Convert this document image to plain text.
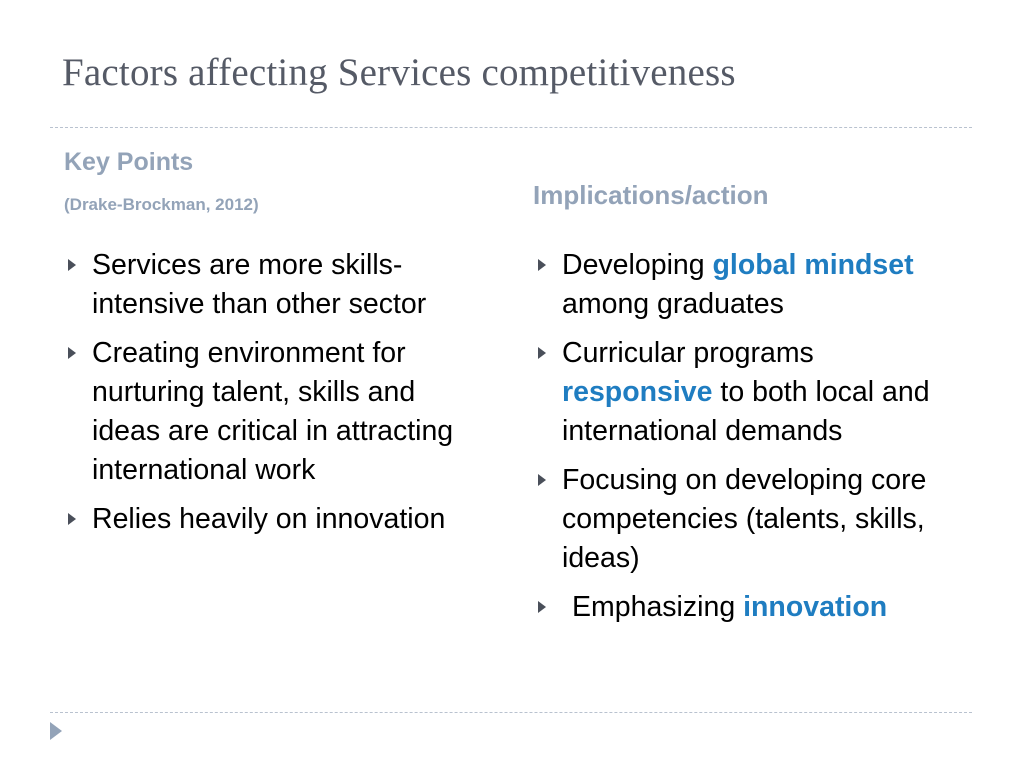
Factors affecting Services competitiveness
Key Points
(Drake-Brockman, 2012)	Implications/action
Services are more skills-intensive than other sector
Creating environment for nurturing talent, skills and ideas are critical in attracting international work
Relies heavily on innovation
Developing global mindset among graduates
Curricular programs responsive to both local and international demands
Focusing on developing core competencies (talents, skills, ideas)
Emphasizing innovation
